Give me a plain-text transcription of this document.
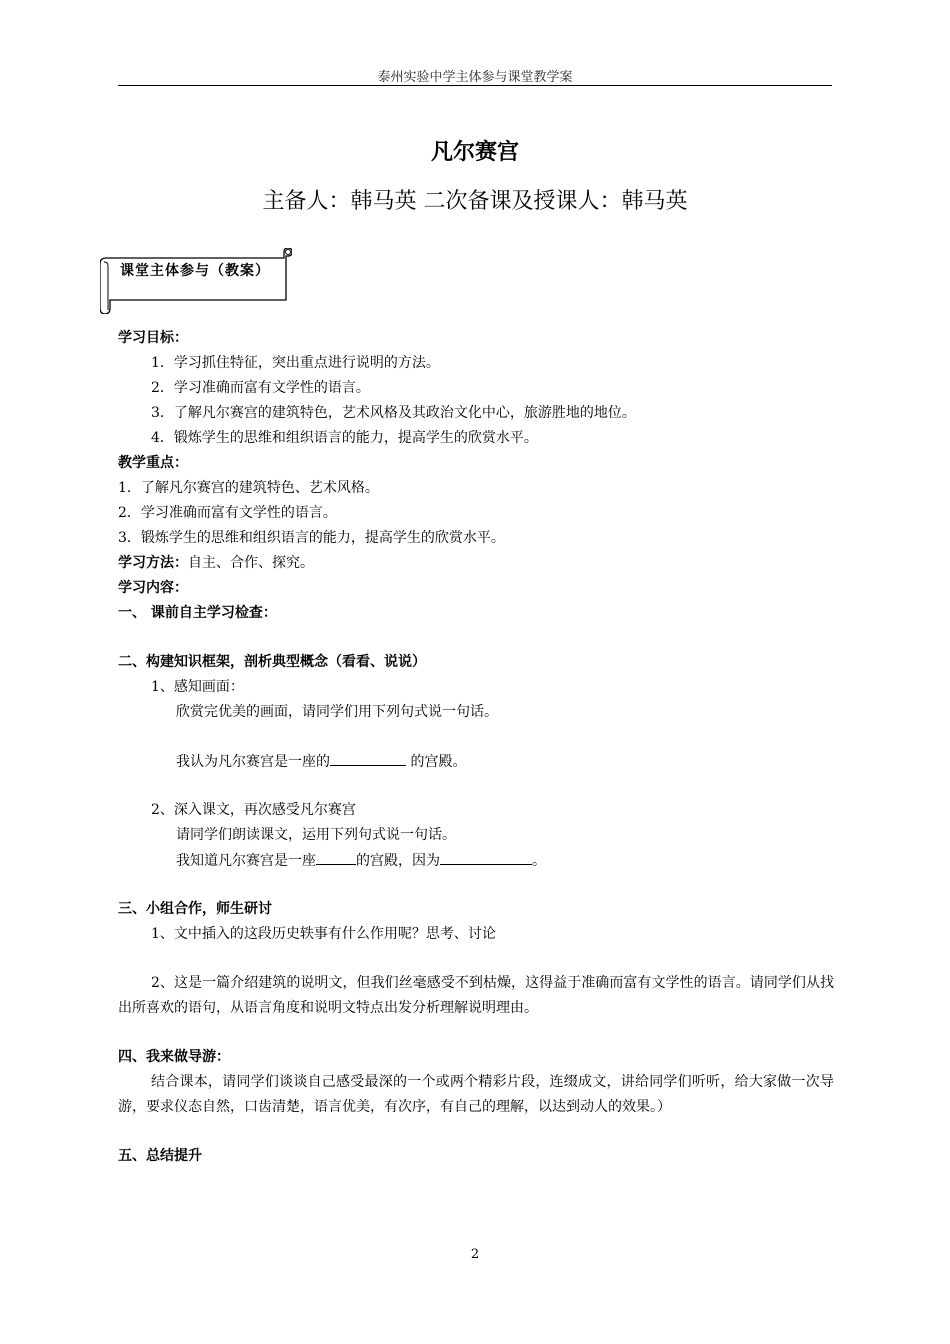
泰州实验中学主体参与课堂教学案
凡尔赛宫
主备人：韩马英 二次备课及授课人：韩马英
课堂主体参与（教案）
学习目标：
1．学习抓住特征，突出重点进行说明的方法。
2．学习准确而富有文学性的语言。
3．了解凡尔赛宫的建筑特色，艺术风格及其政治文化中心，旅游胜地的地位。
4．锻炼学生的思维和组织语言的能力，提高学生的欣赏水平。
教学重点：
1．了解凡尔赛宫的建筑特色、艺术风格。
2．学习准确而富有文学性的语言。
3．锻炼学生的思维和组织语言的能力，提高学生的欣赏水平。
学习方法：自主、合作、探究。
学习内容：
一、 课前自主学习检查：
二、构建知识框架，剖析典型概念（看看、说说）
1、感知画面：
欣赏完优美的画面，请同学们用下列句式说一句话。
我认为凡尔赛宫是一座的	的宫殿。
2、深入课文，再次感受凡尔赛宫
请同学们朗读课文，运用下列句式说一句话。
我知道凡尔赛宫是一座	的宫殿，因为	。
三、小组合作，师生研讨
1、文中插入的这段历史轶事有什么作用呢？思考、讨论
2、这是一篇介绍建筑的说明文，但我们丝毫感受不到枯燥，这得益于准确而富有文学性的语言。请同学们从找出所喜欢的语句，从语言角度和说明文特点出发分析理解说明理由。
四、我来做导游：
结合课本，请同学们谈谈自己感受最深的一个或两个精彩片段，连缀成文，讲给同学们听听，给大家做一次导游，要求仪态自然，口齿清楚，语言优美，有次序，有自己的理解，以达到动人的效果。）
五、总结提升
2
